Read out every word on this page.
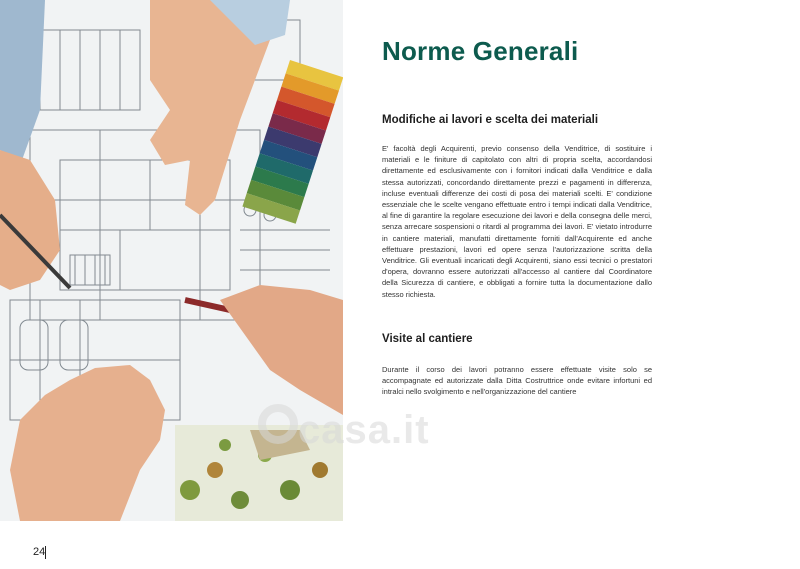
Norme Generali
Modifiche ai lavori e scelta dei materiali

E' facoltà degli Acquirenti, previo consenso della Venditrice, di sostituire i materiali e le finiture di capitolato con altri di propria scelta, accordandosi direttamente ed esclusivamente con i fornitori indicati dalla Venditrice e dalla stessa autorizzati, concordando direttamente prezzi e pagamenti in differenza, incluse eventuali differenze dei costi di posa dei materiali scelti. E' condizione essenziale che le scelte vengano effettuate entro i tempi indicati dalla Venditrice, al fine di garantire la regolare esecuzione dei lavori e della consegna delle merci, senza arrecare sospensioni o ritardi al programma dei lavori. E' vietato introdurre in cantiere materiali, manufatti direttamente forniti dall'Acquirente ed anche effettuare prestazioni, lavori ed opere senza l'autorizzazione scritta della Venditrice. Gli eventuali incaricati degli Acquirenti, siano essi tecnici o prestatori d'opera, dovranno essere autorizzati all'accesso al cantiere dal Coordinatore della Sicurezza di cantiere, e obbligati a fornire tutta la documentazione dallo stesso richiesta.

Visite al cantiere

Durante il corso dei lavori potranno essere effettuate visite solo se accompagnate ed autorizzate dalla Ditta Costruttrice onde evitare infortuni ed intralci nello svolgimento e nell'organizzazione del cantiere

casa.it
24
